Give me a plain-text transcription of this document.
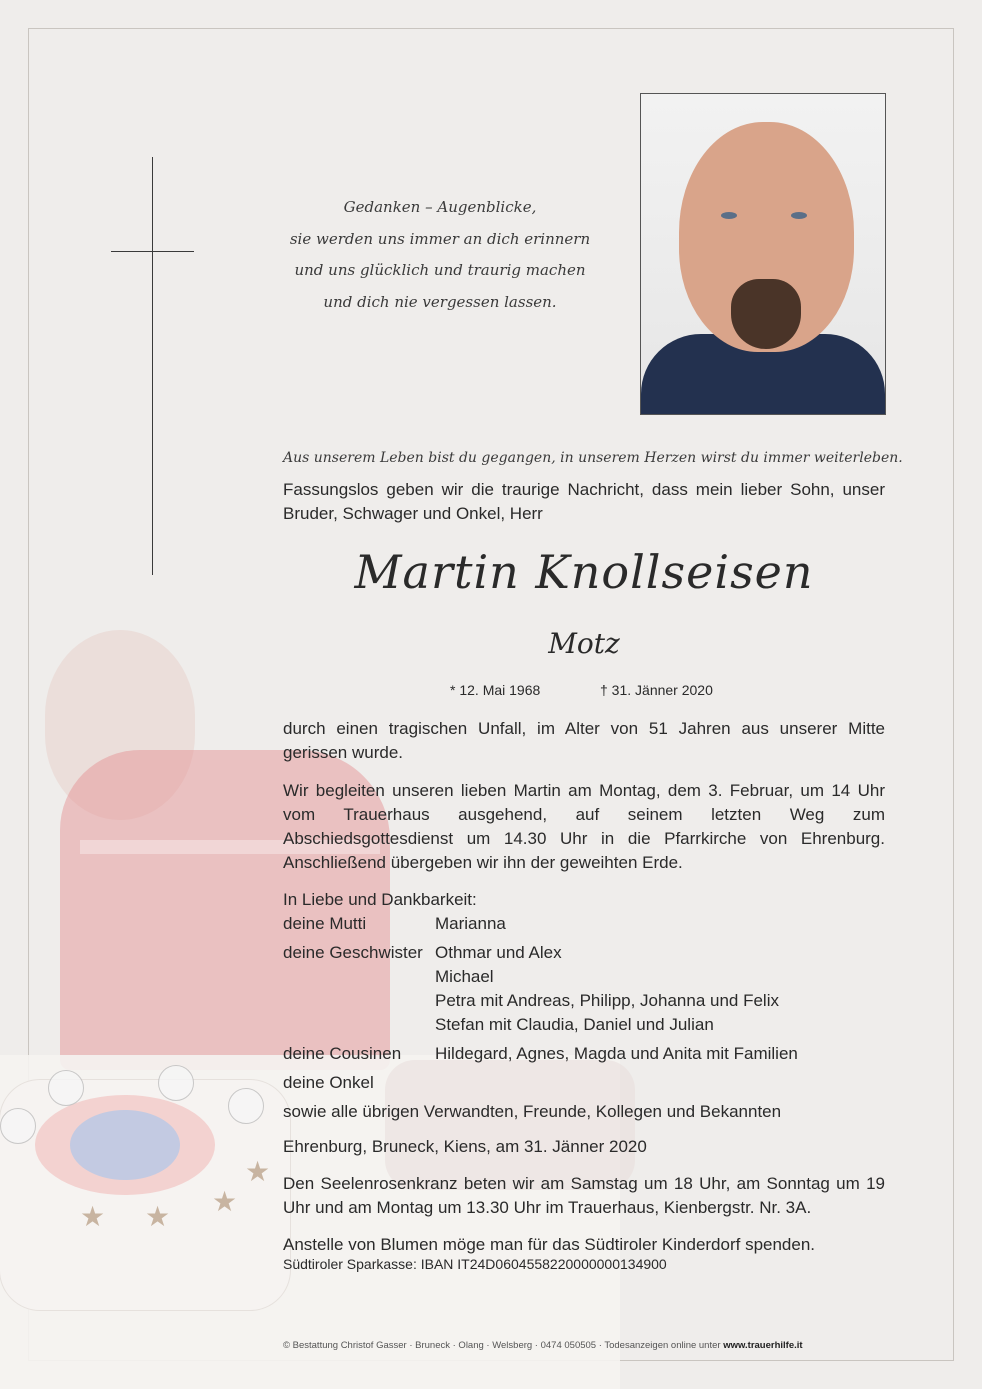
★ ★ ★
★
Gedanken – Augenblicke,
sie werden uns immer an dich erinnern
und uns glücklich und traurig machen
und dich nie vergessen lassen.
Aus unserem Leben bist du gegangen, in unserem Herzen wirst du immer weiterleben.
Fassungslos geben wir die traurige Nachricht, dass mein lieber Sohn, unser Bruder, Schwager und Onkel, Herr
Martin Knollseisen
Motz
* 12. Mai 1968	† 31. Jänner 2020
durch einen tragischen Unfall, im Alter von 51 Jahren aus unserer Mitte gerissen wurde.
Wir begleiten unseren lieben Martin am Montag, dem 3. Februar, um 14 Uhr vom Trauerhaus ausgehend, auf seinem letzten Weg zum Abschiedsgottesdienst um 14.30 Uhr in die Pfarrkirche von Ehrenburg. Anschließend übergeben wir ihn der geweihten Erde.
In Liebe und Dankbarkeit:
deine Mutti	Marianna
deine Geschwister Othmar und Alex
Michael
Petra mit Andreas, Philipp, Johanna und Felix
Stefan mit Claudia, Daniel und Julian
deine Cousinen	Hildegard, Agnes, Magda und Anita mit Familien
deine Onkel
sowie alle übrigen Verwandten, Freunde, Kollegen und Bekannten
Ehrenburg, Bruneck, Kiens, am 31. Jänner 2020
Den Seelenrosenkranz beten wir am Samstag um 18 Uhr, am Sonntag um 19 Uhr und am Montag um 13.30 Uhr im Trauerhaus, Kienbergstr. Nr. 3A.
Anstelle von Blumen möge man für das Südtiroler Kinderdorf spenden.
Südtiroler Sparkasse: IBAN IT24D0604558220000000134900
© Bestattung Christof Gasser · Bruneck · Olang · Welsberg · 0474 050505 · Todesanzeigen online unter www.trauerhilfe.it
